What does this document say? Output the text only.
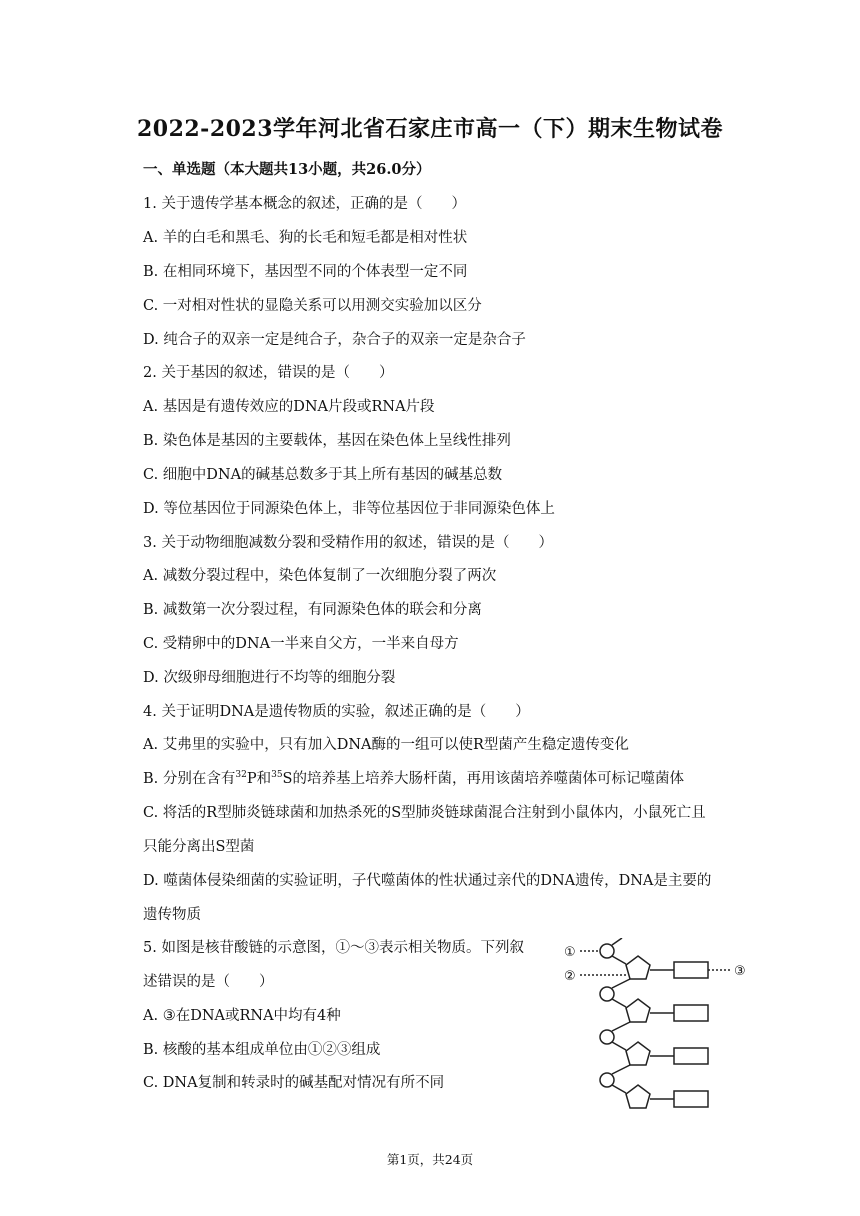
2022-2023学年河北省石家庄市高一（下）期末生物试卷
一、单选题（本大题共13小题，共26.0分）
1. 关于遗传学基本概念的叙述，正确的是（　　）
A. 羊的白毛和黑毛、狗的长毛和短毛都是相对性状
B. 在相同环境下，基因型不同的个体表型一定不同
C. 一对相对性状的显隐关系可以用测交实验加以区分
D. 纯合子的双亲一定是纯合子，杂合子的双亲一定是杂合子
2. 关于基因的叙述，错误的是（　　）
A. 基因是有遗传效应的DNA片段或RNA片段
B. 染色体是基因的主要载体，基因在染色体上呈线性排列
C. 细胞中DNA的碱基总数多于其上所有基因的碱基总数
D. 等位基因位于同源染色体上，非等位基因位于非同源染色体上
3. 关于动物细胞减数分裂和受精作用的叙述，错误的是（　　）
A. 减数分裂过程中，染色体复制了一次细胞分裂了两次
B. 减数第一次分裂过程，有同源染色体的联会和分离
C. 受精卵中的DNA一半来自父方，一半来自母方
D. 次级卵母细胞进行不均等的细胞分裂
4. 关于证明DNA是遗传物质的实验，叙述正确的是（　　）
A. 艾弗里的实验中，只有加入DNA酶的一组可以使R型菌产生稳定遗传变化
B. 分别在含有$^{32}$P和$^{35}$S的培养基上培养大肠杆菌，再用该菌培养噬菌体可标记噬菌体
C. 将活的R型肺炎链球菌和加热杀死的S型肺炎链球菌混合注射到小鼠体内，小鼠死亡且
只能分离出S型菌
D. 噬菌体侵染细菌的实验证明，子代噬菌体的性状通过亲代的DNA遗传，DNA是主要的
遗传物质
5. 如图是核苷酸链的示意图，①～③表示相关物质。下列叙
述错误的是（　　）
A. ③在DNA或RNA中均有4种
B. 核酸的基本组成单位由①②③组成
C. DNA复制和转录时的碱基配对情况有所不同
①
②	③
第1页，共24页
